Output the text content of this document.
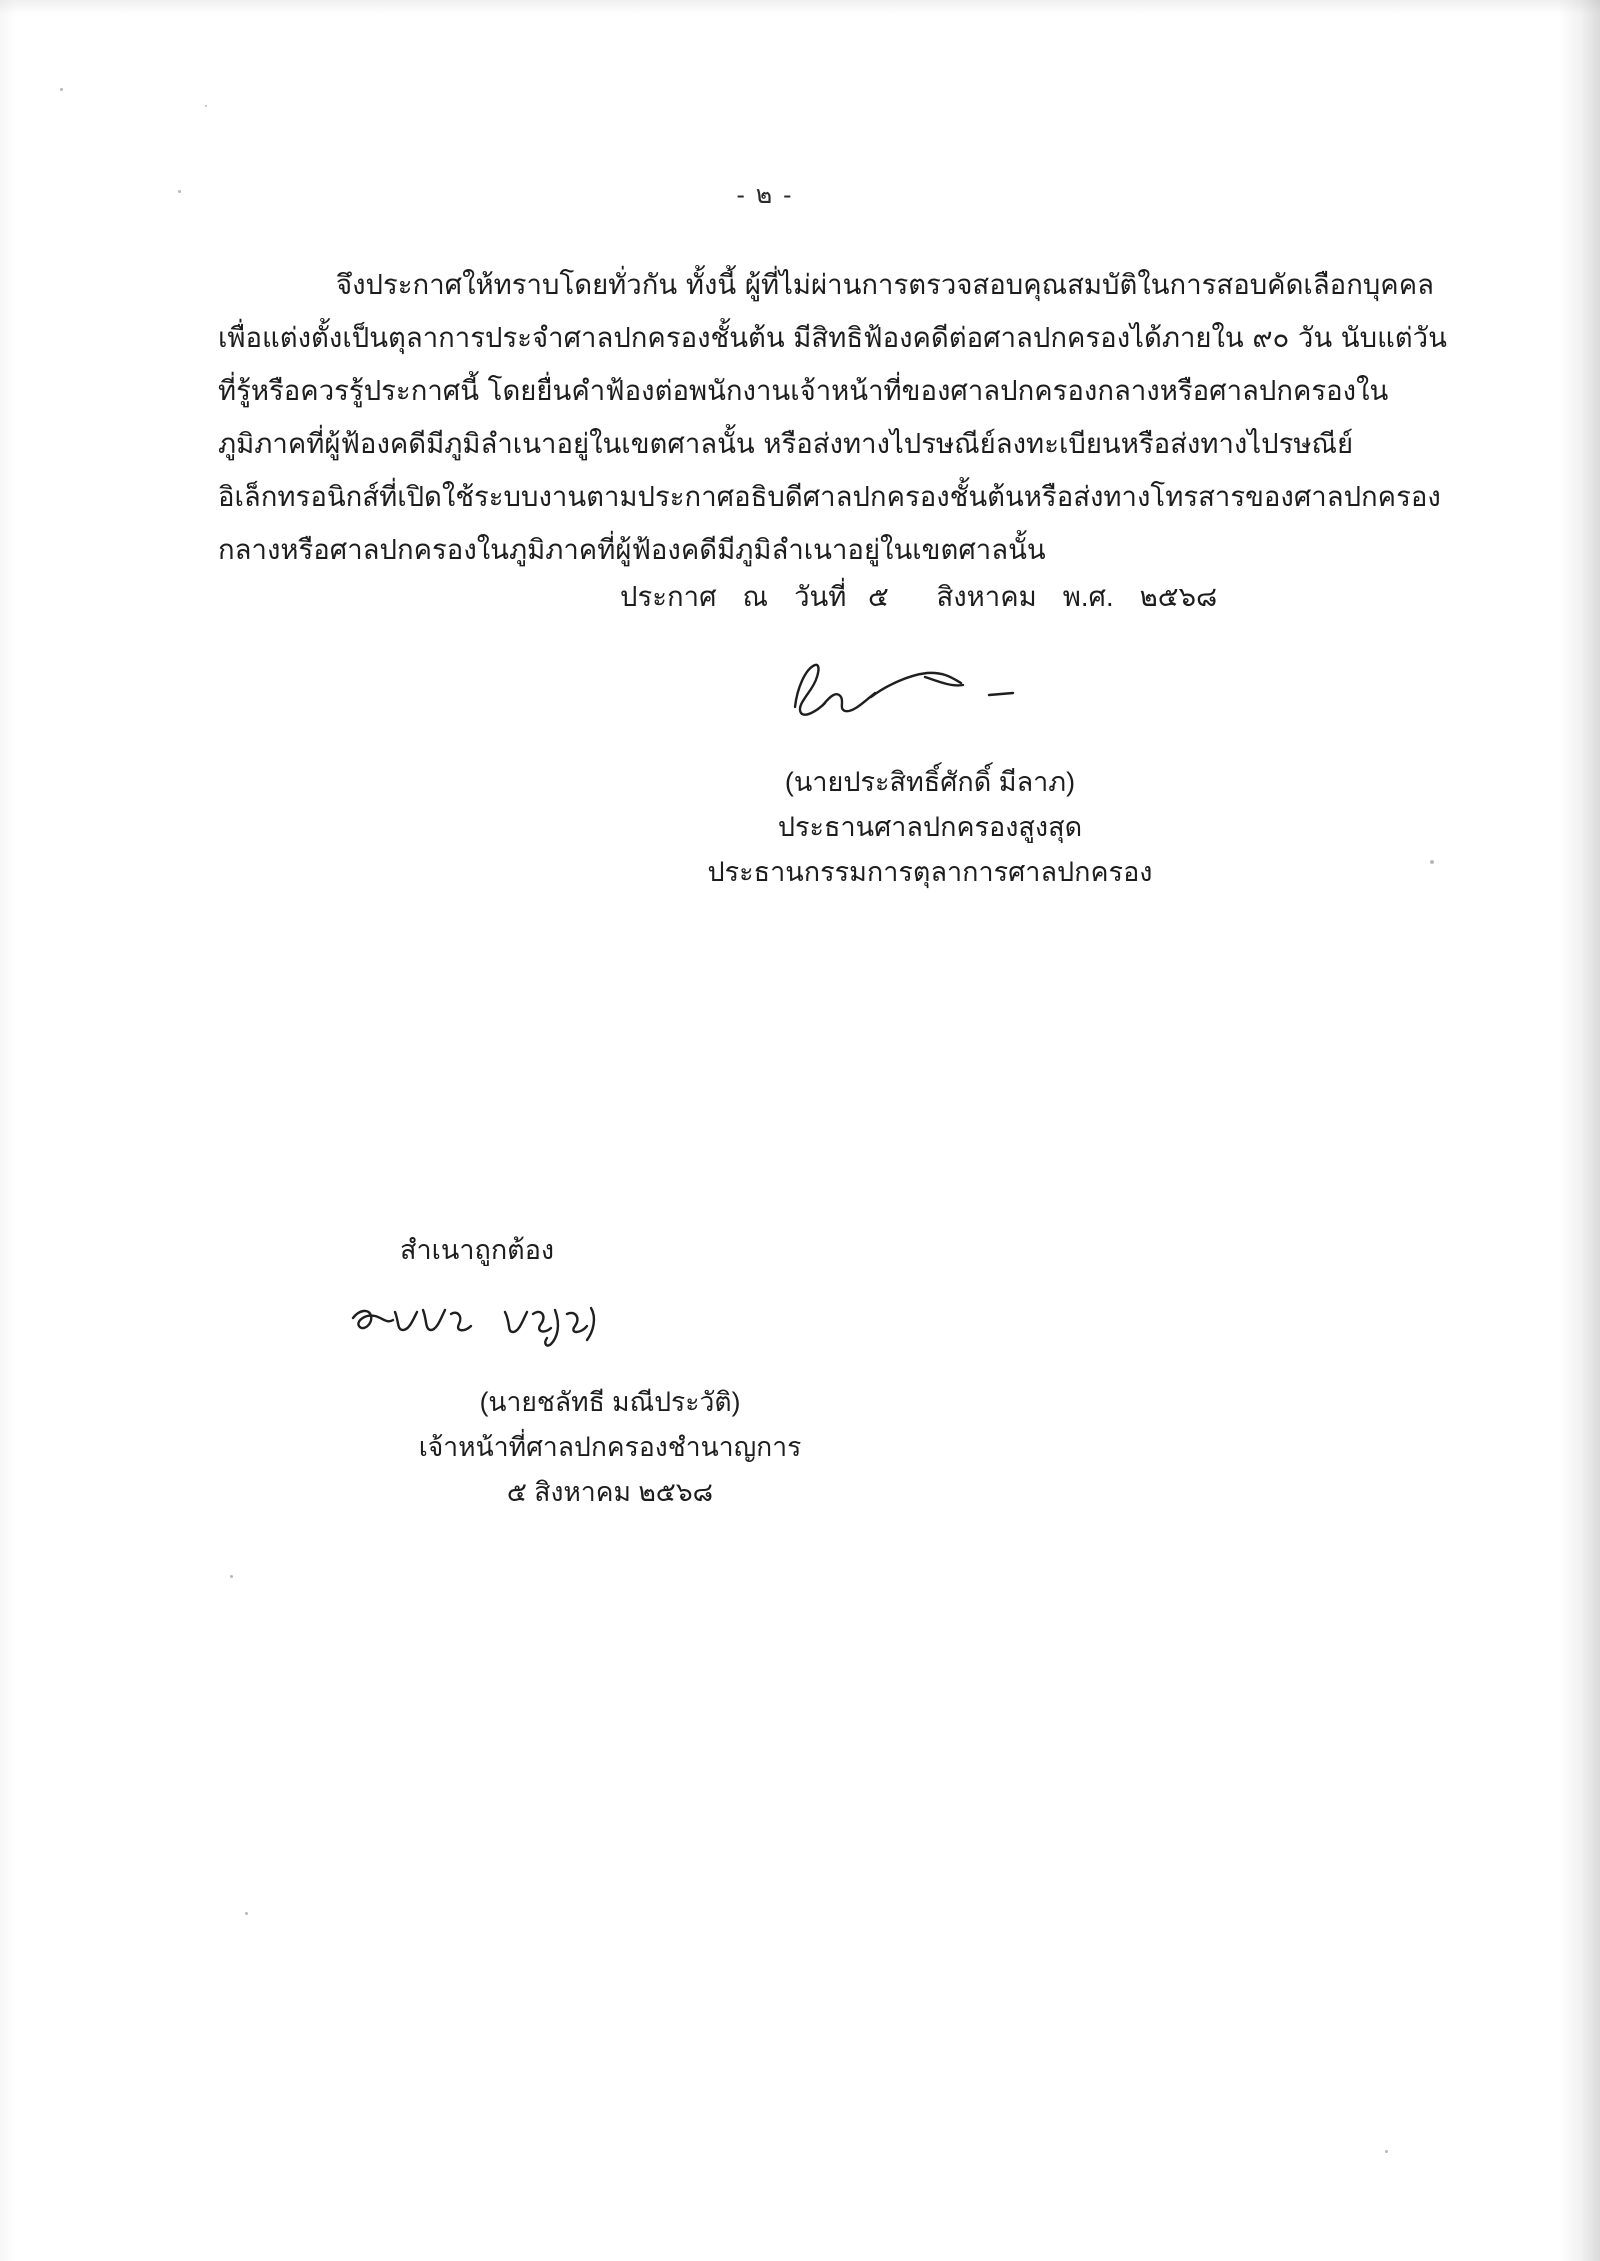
- ๒ -
จึงประกาศให้ทราบโดยทั่วกัน ทั้งนี้ ผู้ที่ไม่ผ่านการตรวจสอบคุณสมบัติในการสอบคัดเลือกบุคคลเพื่อแต่งตั้งเป็นตุลาการประจำศาลปกครองชั้นต้น มีสิทธิฟ้องคดีต่อศาลปกครองได้ภายใน ๙๐ วัน นับแต่วันที่รู้หรือควรรู้ประกาศนี้ โดยยื่นคำฟ้องต่อพนักงานเจ้าหน้าที่ของศาลปกครองกลางหรือศาลปกครองในภูมิภาคที่ผู้ฟ้องคดีมีภูมิลำเนาอยู่ในเขตศาลนั้น หรือส่งทางไปรษณีย์ลงทะเบียนหรือส่งทางไปรษณีย์อิเล็กทรอนิกส์ที่เปิดใช้ระบบงานตามประกาศอธิบดีศาลปกครองชั้นต้นหรือส่งทางโทรสารของศาลปกครองกลางหรือศาลปกครองในภูมิภาคที่ผู้ฟ้องคดีมีภูมิลำเนาอยู่ในเขตศาลนั้น
ประกาศ ณ วันที่ ๕ สิงหาคม พ.ศ. ๒๕๖๘
(นายประสิทธิ์ศักดิ์ มีลาภ)
ประธานศาลปกครองสูงสุด
ประธานกรรมการตุลาการศาลปกครอง
สำเนาถูกต้อง
(นายชลัทธี มณีประวัติ)
เจ้าหน้าที่ศาลปกครองชำนาญการ
๕ สิงหาคม ๒๕๖๘
